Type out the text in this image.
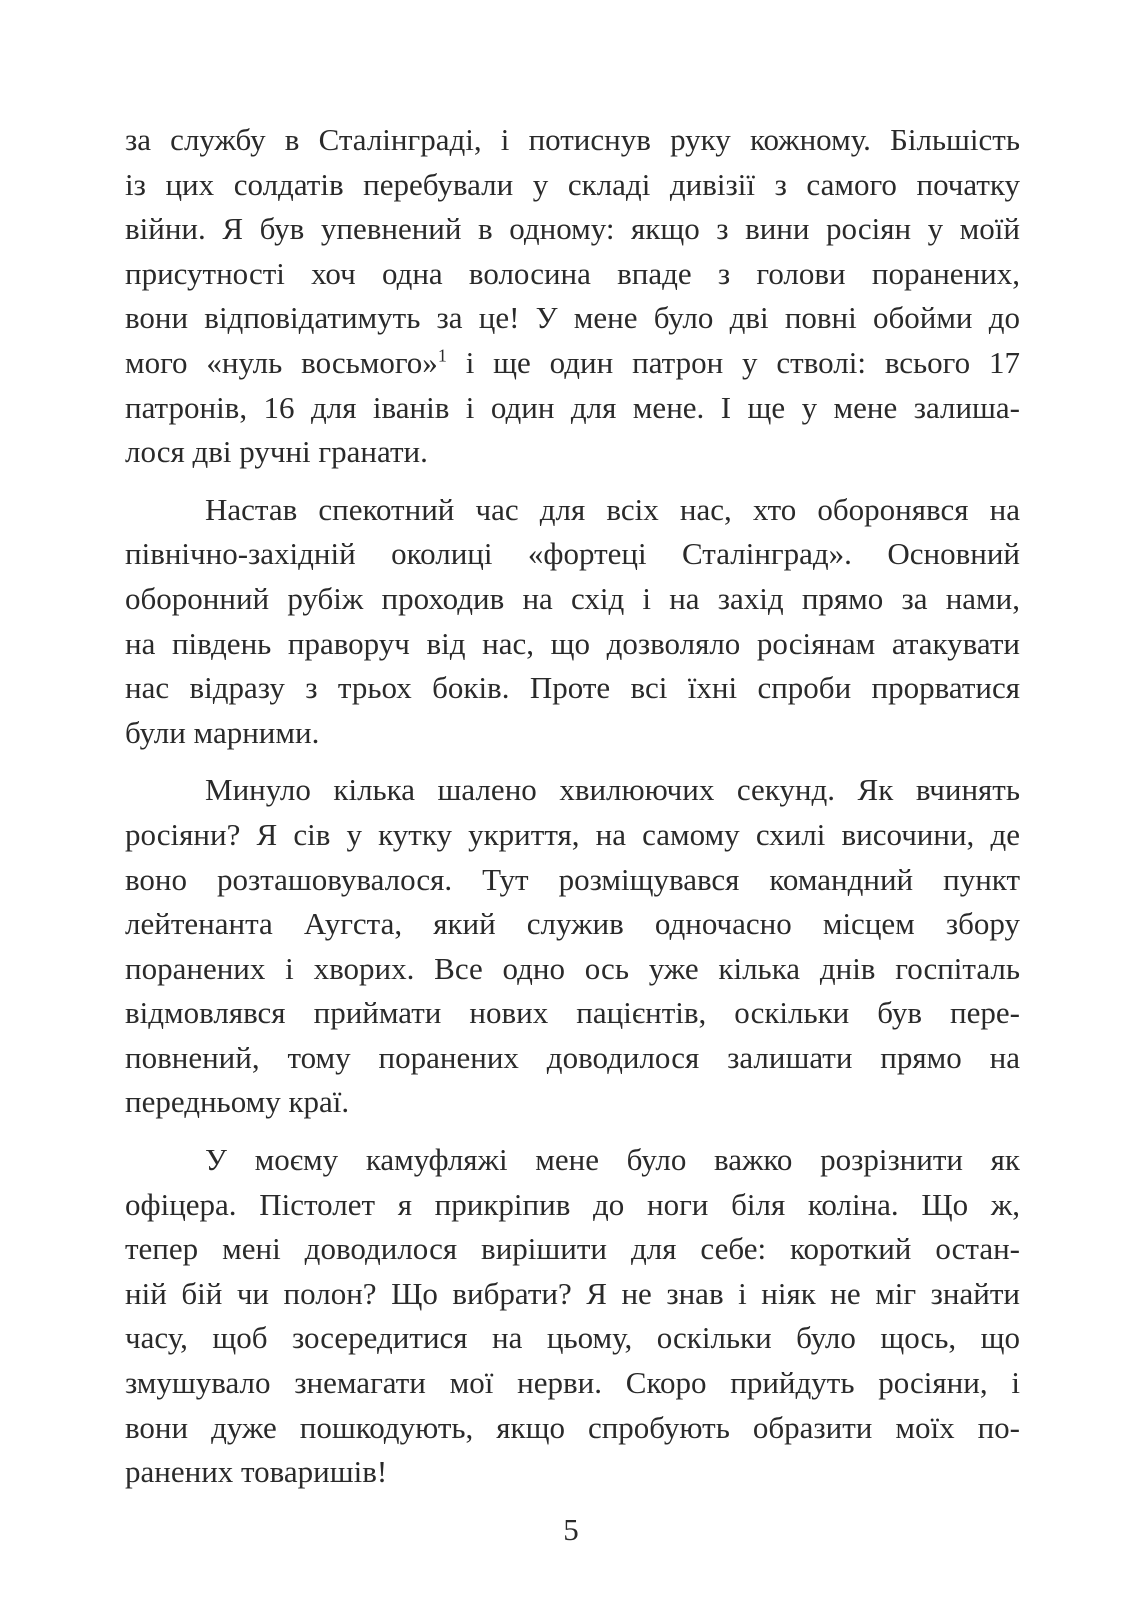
за службу в Сталінграді, і потиснув руку кожному. Більшість
із цих солдатів перебували у складі дивізії з самого початку
війни. Я був упевнений в одному: якщо з вини росіян у моїй
присутності хоч одна волосина впаде з голови поранених,
вони відповідатимуть за це! У мене було дві повні обойми до
мого «нуль восьмого»$^1$ і ще один патрон у стволі: всього 17
патронів, 16 для іванів і один для мене. І ще у мене залиша-
лося дві ручні гранати.
Настав спекотний час для всіх нас, хто оборонявся на
північно-західній околиці «фортеці Сталінград». Основний
оборонний рубіж проходив на схід і на захід прямо за нами,
на південь праворуч від нас, що дозволяло росіянам атакувати
нас відразу з трьох боків. Проте всі їхні спроби прорватися
були марними.
Минуло кілька шалено хвилюючих секунд. Як вчинять
росіяни? Я сів у кутку укриття, на самому схилі височини, де
воно розташовувалося. Тут розміщувався командний пункт
лейтенанта Аугста, який служив одночасно місцем збору
поранених і хворих. Все одно ось уже кілька днів госпіталь
відмовлявся приймати нових пацієнтів, оскільки був пере-
повнений, тому поранених доводилося залишати прямо на
передньому краї.
У моєму камуфляжі мене було важко розрізнити як
офіцера. Пістолет я прикріпив до ноги біля коліна. Що ж,
тепер мені доводилося вирішити для себе: короткий остан-
ній бій чи полон? Що вибрати? Я не знав і ніяк не міг знайти
часу, щоб зосередитися на цьому, оскільки було щось, що
змушувало знемагати мої нерви. Скоро прийдуть росіяни, і
вони дуже пошкодують, якщо спробують образити моїх по-
ранених товаришів!
5
